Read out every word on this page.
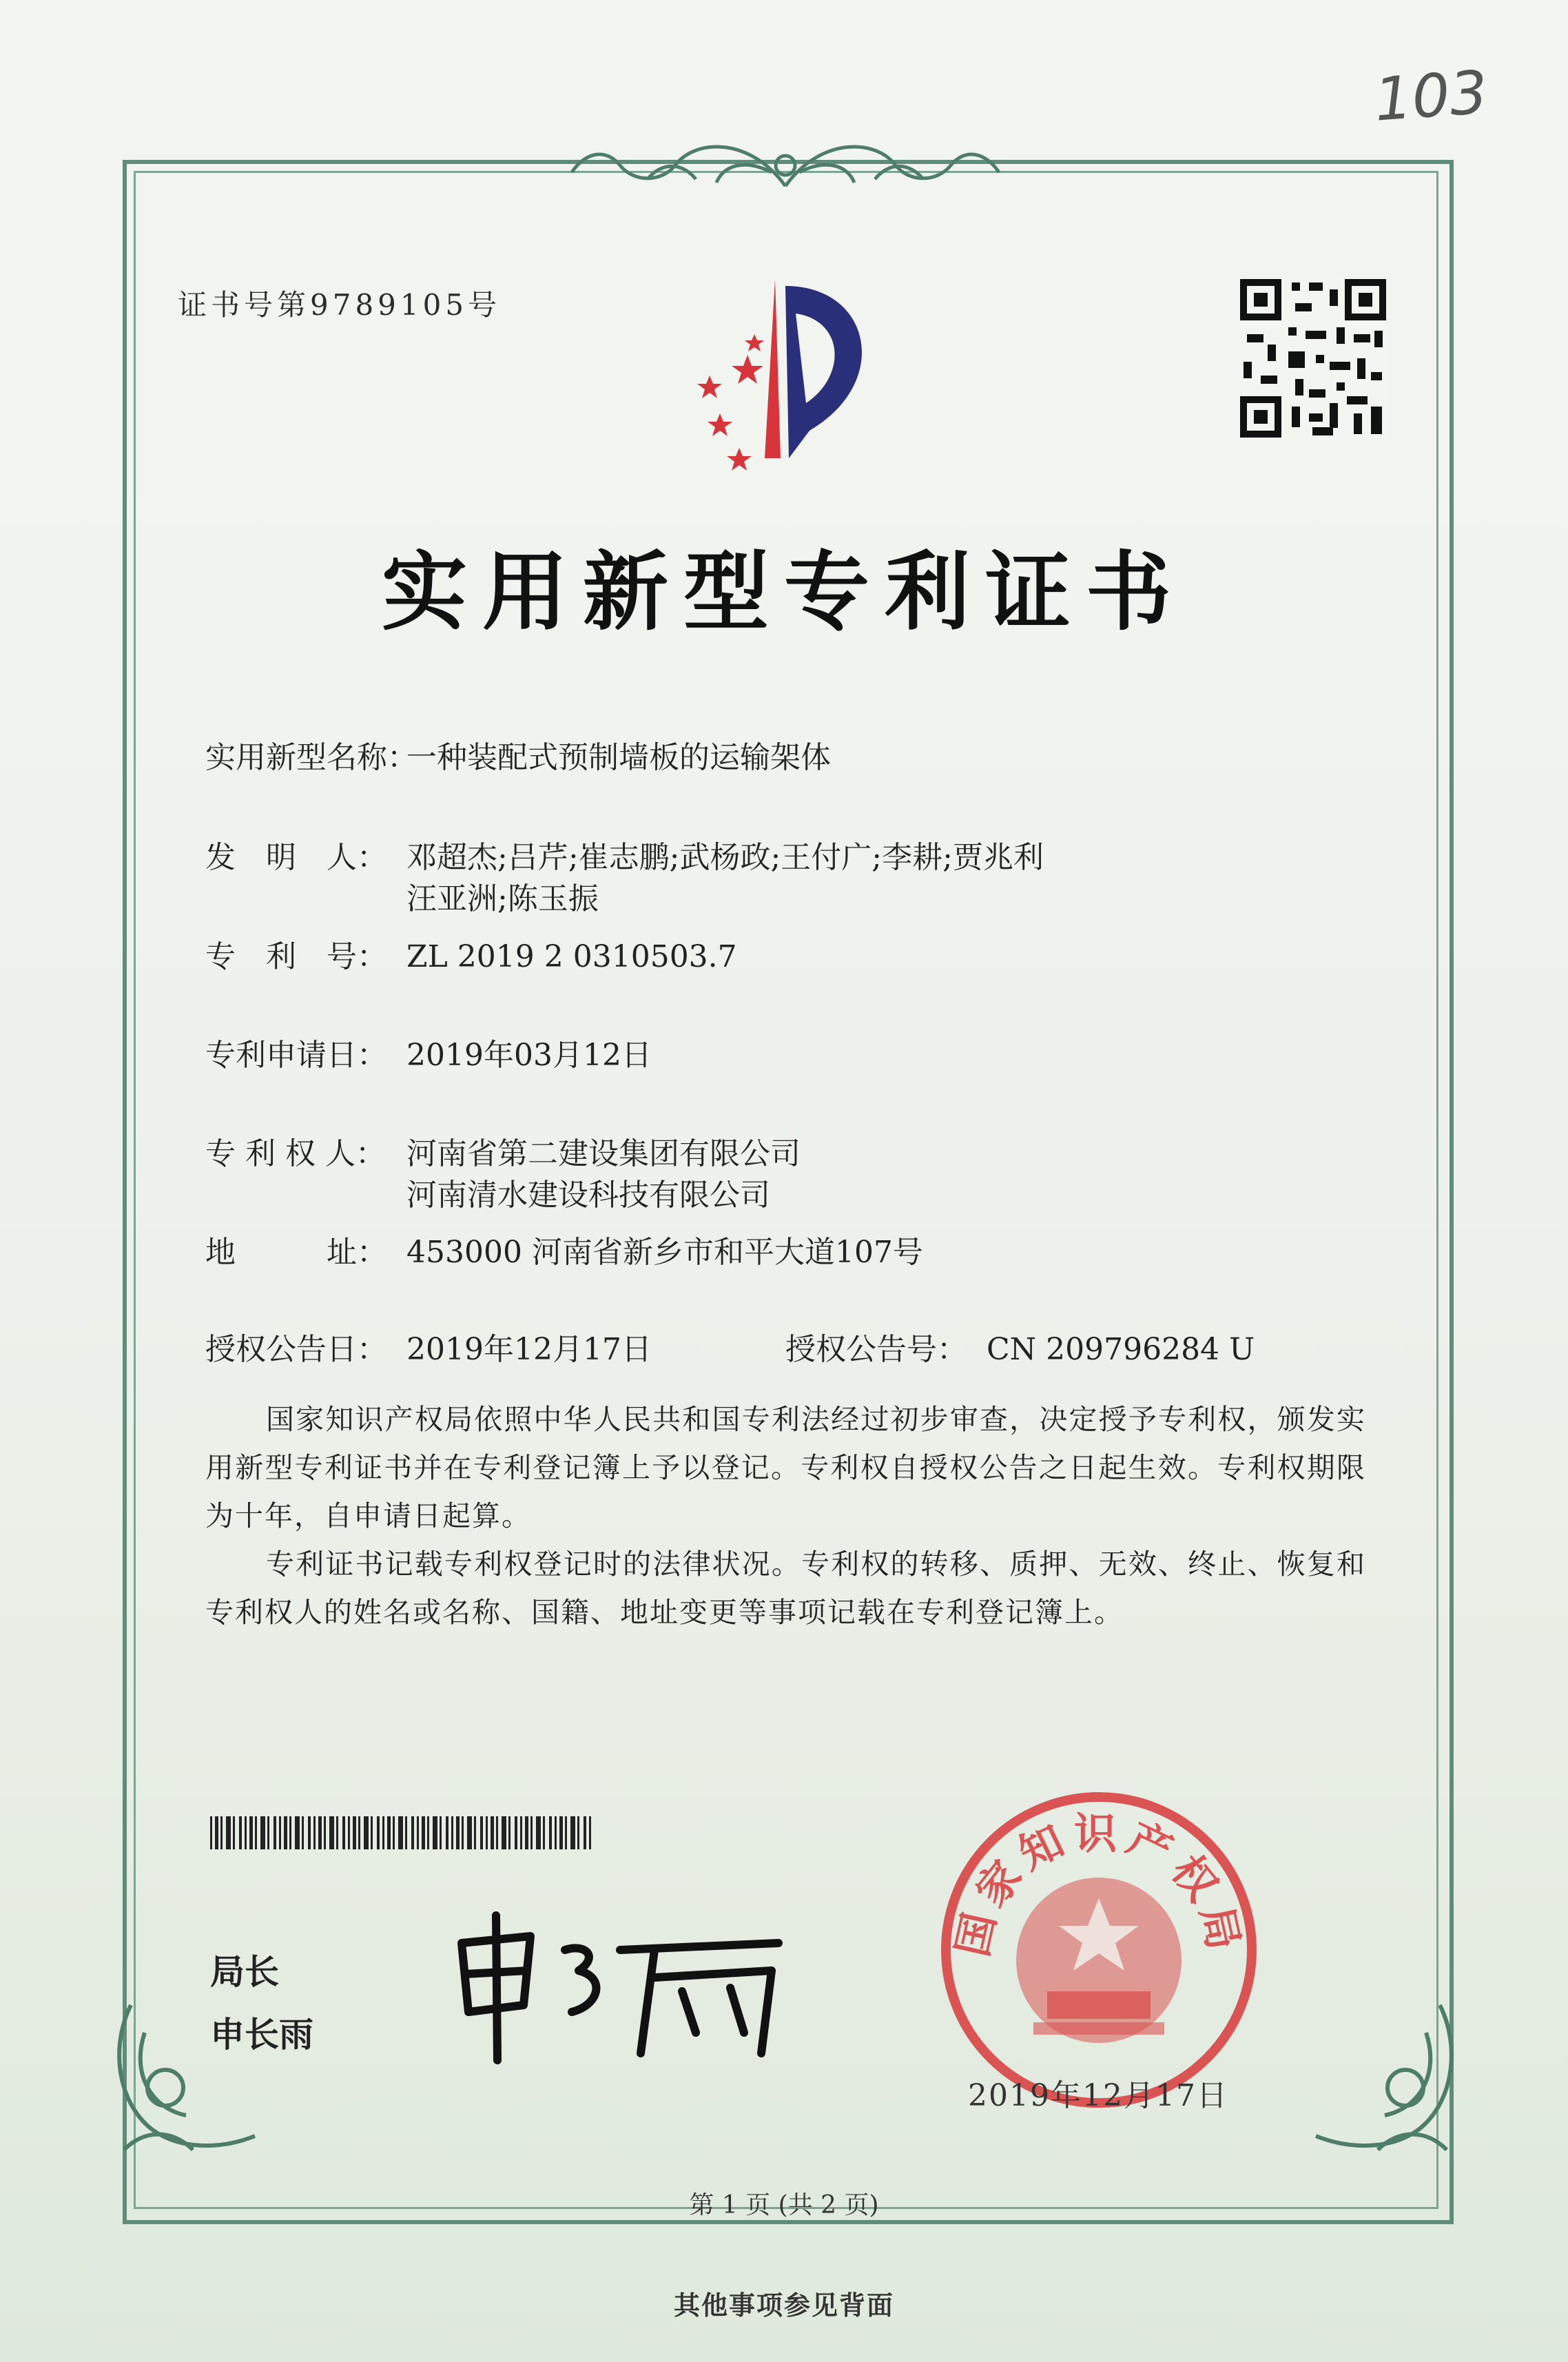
103
证书号第9789105号
实用新型专利证书
实用新型名称：一种装配式预制墙板的运输架体
发　明　人： 邓超杰;吕芹;崔志鹏;武杨政;王付广;李耕;贾兆利
汪亚洲;陈玉振
专　利　号： ZL 2019 2 0310503.7
专利申请日： 2019年03月12日
专 利 权 人： 河南省第二建设集团有限公司
河南清水建设科技有限公司
地　　　址： 453000 河南省新乡市和平大道107号
授权公告日： 2019年12月17日	授权公告号： CN 209796284 U
国家知识产权局依照中华人民共和国专利法经过初步审查，决定授予专利权，颁发实用新型专利证书并在专利登记簿上予以登记。专利权自授权公告之日起生效。专利权期限为十年，自申请日起算。
专利证书记载专利权登记时的法律状况。专利权的转移、质押、无效、终止、恢复和专利权人的姓名或名称、国籍、地址变更等事项记载在专利登记簿上。
局长
申长雨
国家知识产权局
2019年12月17日
第 1 页 (共 2 页)
其他事项参见背面
